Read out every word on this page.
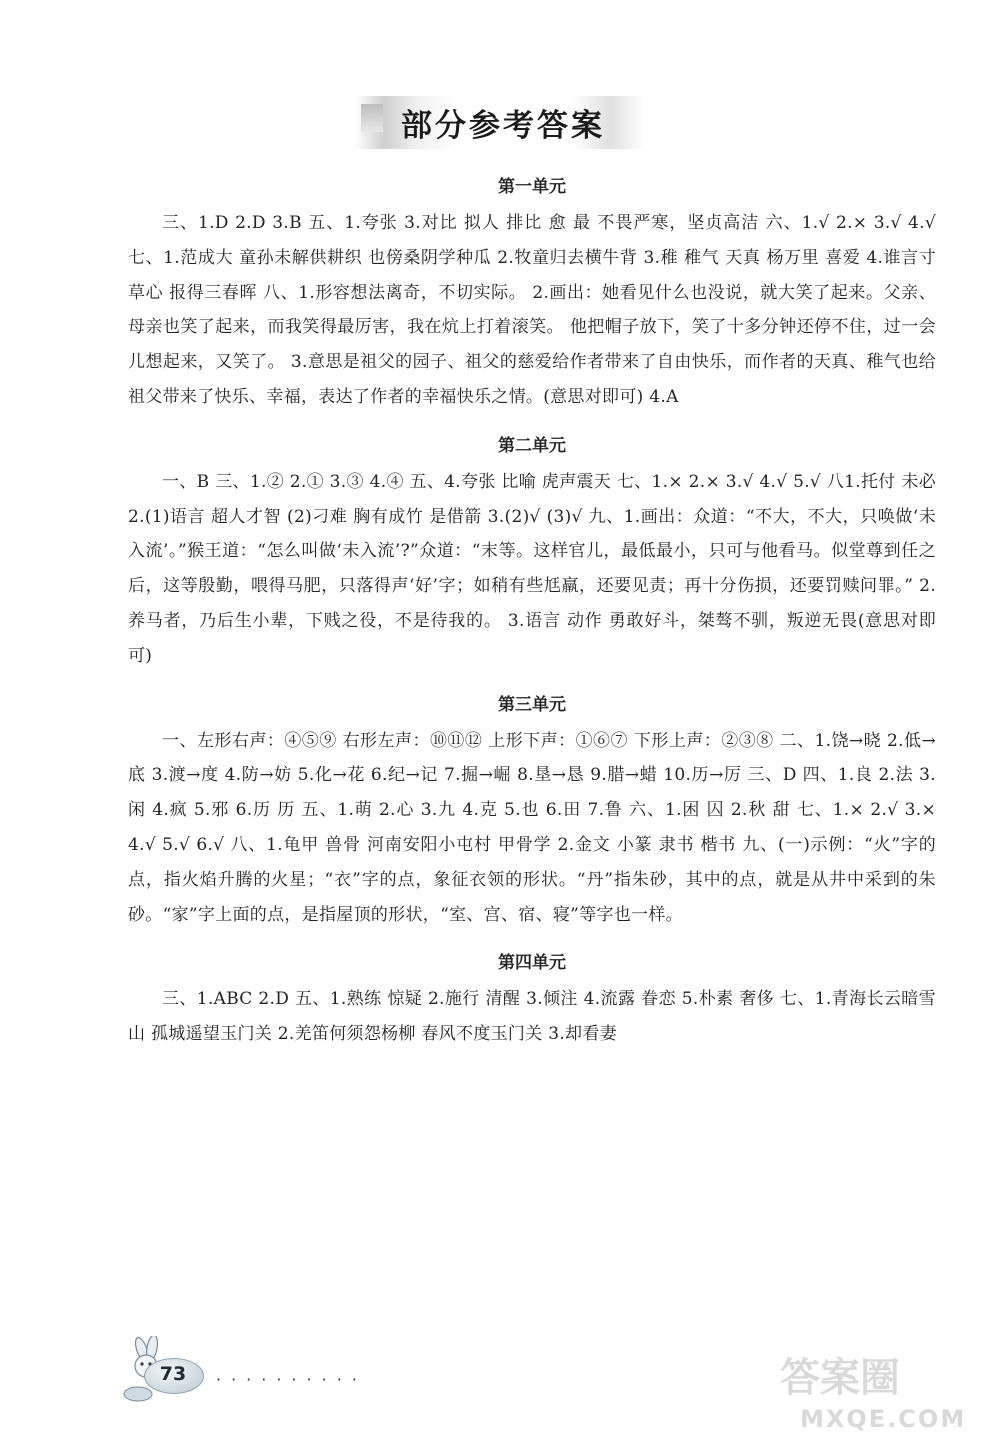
部分参考答案
第一单元

三、1.D 2.D 3.B 五、1.夸张 3.对比 拟人 排比 愈 最 不畏严寒，坚贞高洁 六、1.√ 2.× 3.√ 4.√ 七、1.范成大 童孙未解供耕织 也傍桑阴学种瓜 2.牧童归去横牛背 3.稚 稚气 天真 杨万里 喜爱 4.谁言寸草心 报得三春晖 八、1.形容想法离奇，不切实际。 2.画出：她看见什么也没说，就大笑了起来。父亲、母亲也笑了起来，而我笑得最厉害，我在炕上打着滚笑。 他把帽子放下，笑了十多分钟还停不住，过一会儿想起来，又笑了。 3.意思是祖父的园子、祖父的慈爱给作者带来了自由快乐，而作者的天真、稚气也给祖父带来了快乐、幸福，表达了作者的幸福快乐之情。(意思对即可) 4.A

第二单元

一、B 三、1.② 2.① 3.③ 4.④ 五、4.夸张 比喻 虎声震天 七、1.× 2.× 3.√ 4.√ 5.√ 八1.托付 未必 2.(1)语言 超人才智 (2)刁难 胸有成竹 是借箭 3.(2)√ (3)√ 九、1.画出：众道：“不大，不大，只唤做‘未入流’。”猴王道：“怎么叫做‘未入流’?”众道：“末等。这样官儿，最低最小，只可与他看马。似堂尊到任之后，这等殷勤，喂得马肥，只落得声‘好’字；如稍有些尪羸，还要见责；再十分伤损，还要罚赎问罪。” 2.养马者，乃后生小辈，下贱之役，不是待我的。 3.语言 动作 勇敢好斗，桀骜不驯，叛逆无畏(意思对即可)

第三单元

一、左形右声：④⑤⑨ 右形左声：⑩⑪⑫ 上形下声：①⑥⑦ 下形上声：②③⑧ 二、1.饶→晓 2.低→底 3.渡→度 4.防→妨 5.化→花 6.纪→记 7.掘→崛 8.垦→恳 9.腊→蜡 10.历→厉 三、D 四、1.良 2.法 3.闲 4.疯 5.邪 6.历 历 五、1.萌 2.心 3.九 4.克 5.也 6.田 7.鲁 六、1.困 囚 2.秋 甜 七、1.× 2.√ 3.× 4.√ 5.√ 6.√ 八、1.龟甲 兽骨 河南安阳小屯村 甲骨学 2.金文 小篆 隶书 楷书 九、(一)示例：“火”字的点，指火焰升腾的火星；“衣”字的点，象征衣领的形状。“丹”指朱砂，其中的点，就是从井中采到的朱砂。“家”字上面的点，是指屋顶的形状，“室、宫、宿、寝”等字也一样。

第四单元

三、1.ABC 2.D 五、1.熟练 惊疑 2.施行 清醒 3.倾注 4.流露 眷恋 5.朴素 奢侈 七、1.青海长云暗雪山 孤城遥望玉门关 2.羌笛何须怨杨柳 春风不度玉门关 3.却看妻

73	··········	答案圈
MXQE.COM
